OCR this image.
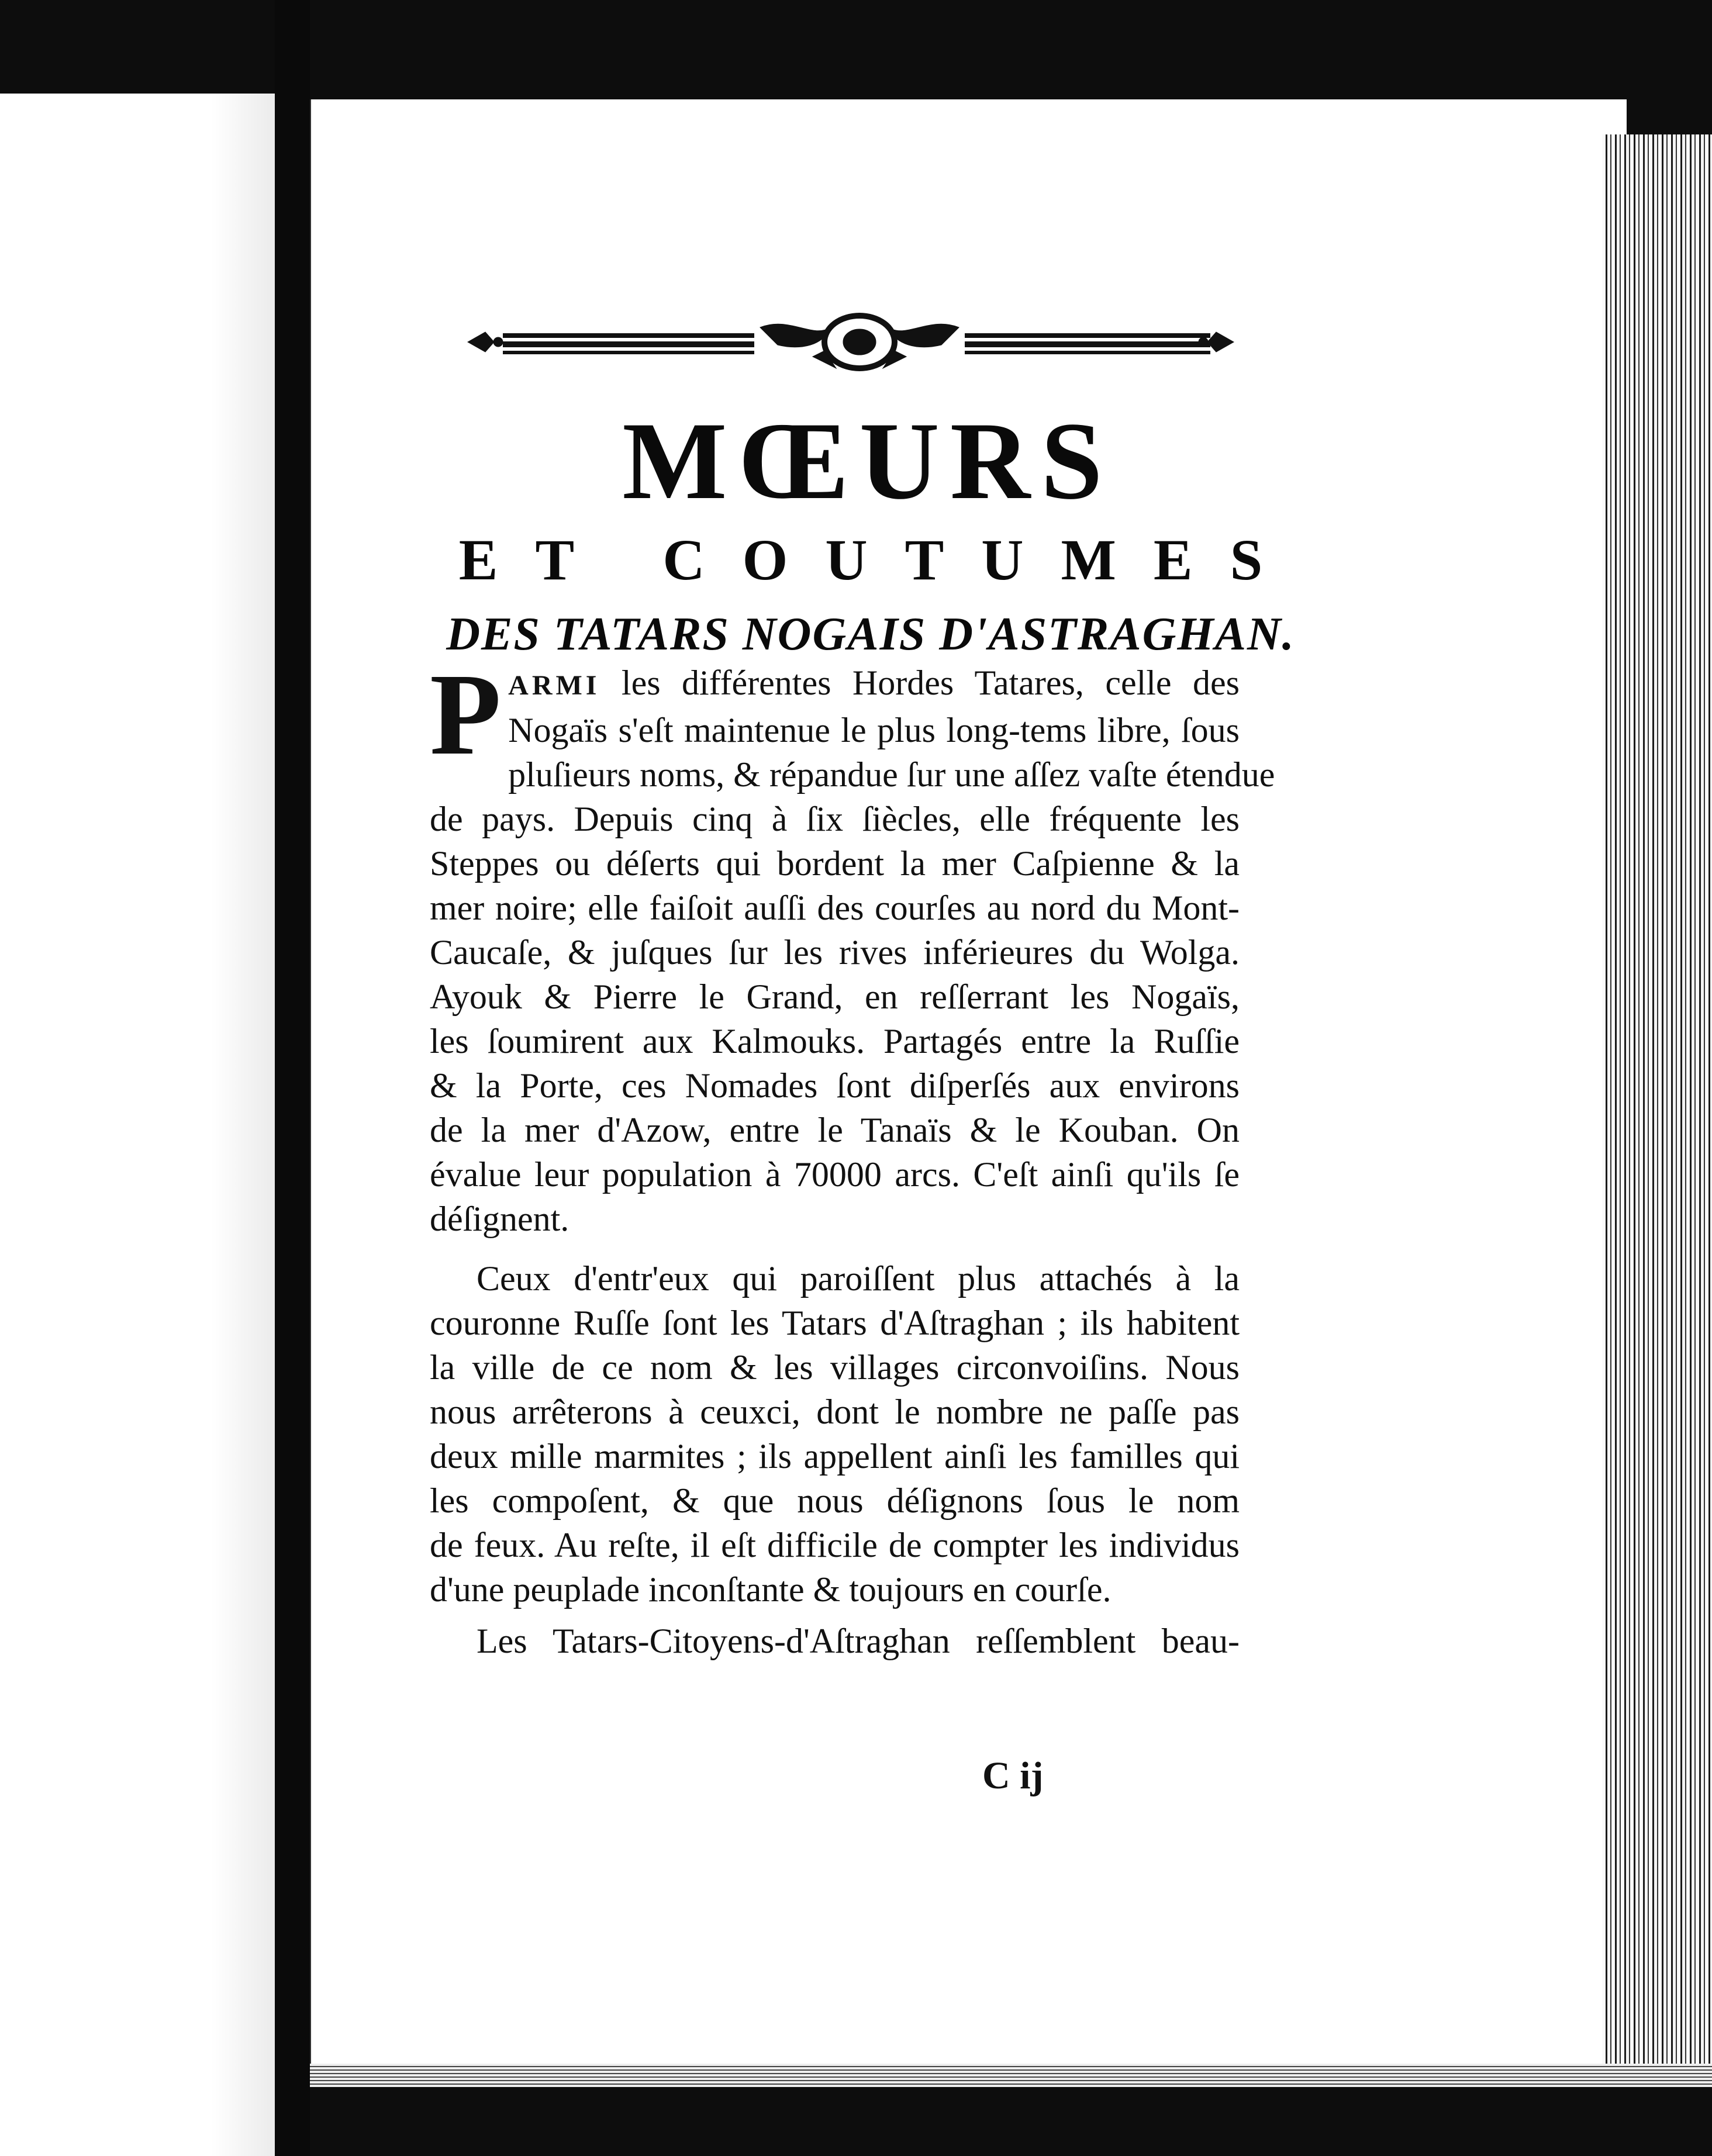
MŒURS
ET COUTUMES
DES TATARS NOGAIS D'ASTRAGHAN.
P ARMI les différentes Hordes Tatares, celle des
Nogaïs s'eſt maintenue le plus long-tems libre, ſous
pluſieurs noms, & répandue ſur une aſſez vaſte étendue
de pays. Depuis cinq à ſix ſiècles, elle fréquente les
Steppes ou déſerts qui bordent la mer Caſpienne & la
mer noire; elle faiſoit auſſi des courſes au nord du Mont-
Caucaſe, & juſques ſur les rives inférieures du Wolga.
Ayouk & Pierre le Grand, en reſſerrant les Nogaïs,
les ſoumirent aux Kalmouks. Partagés entre la Ruſſie
& la Porte, ces Nomades ſont diſperſés aux environs
de la mer d'Azow, entre le Tanaïs & le Kouban. On
évalue leur population à 70000 arcs. C'eſt ainſi qu'ils ſe
déſignent.
Ceux d'entr'eux qui paroiſſent plus attachés à la
couronne Ruſſe ſont les Tatars d'Aſtraghan ; ils habitent
la ville de ce nom & les villages circonvoiſins. Nous
nous arrêterons à ceuxci, dont le nombre ne paſſe pas
deux mille marmites ; ils appellent ainſi les familles qui
les compoſent, & que nous déſignons ſous le nom
de feux. Au reſte, il eſt difficile de compter les individus
d'une peuplade inconſtante & toujours en courſe.
Les Tatars-Citoyens-d'Aſtraghan reſſemblent beau-
C ij
